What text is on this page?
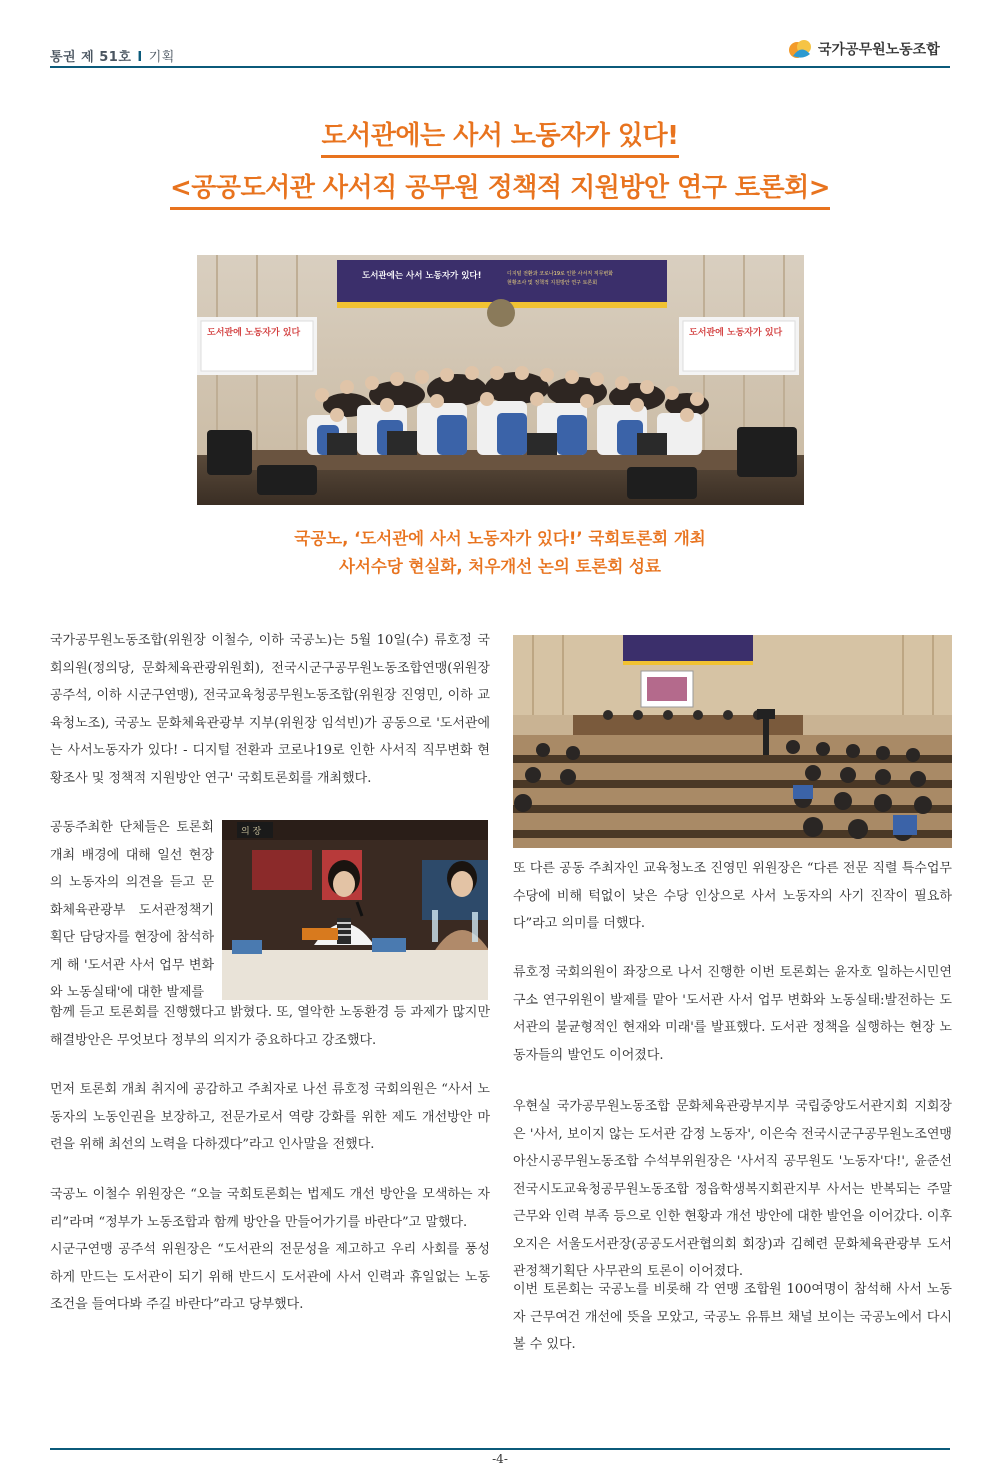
통권 제 51호 I 기획	국가공무원노동조합
도서관에는 사서 노동자가 있다!
<공공도서관 사서직 공무원 정책적 지원방안 연구 토론회>
도서관에는 사서 노동자가 있다!	디지털 전환과 코로나19로 인한 사서직 직무변화
현황조사 및 정책적 지원방안 연구 토론회
도서관에 노동자가 있다	도서관에 노동자가 있다
국공노, ‘도서관에 사서 노동자가 있다!’ 국회토론회 개최
사서수당 현실화, 처우개선 논의 토론회 성료
국가공무원노동조합(위원장 이철수, 이하 국공노)는 5월 10일(수) 류호정 국회의원(정의당, 문화체육관광위원회), 전국시군구공무원노동조합연맹(위원장 공주석, 이하 시군구연맹), 전국교육청공무원노동조합(위원장 진영민, 이하 교육청노조), 국공노 문화체육관광부 지부(위원장 임석빈)가 공동으로 '도서관에는 사서노동자가 있다! - 디지털 전환과 코로나19로 인한 사서직 직무변화 현황조사 및 정책적 지원방안 연구' 국회토론회를 개최했다.
공동주최한 단체들은 토론회 개최 배경에 대해 일선 현장의 노동자의 의견을 듣고 문화체육관광부 도서관정책기획단 담당자를 현장에 참석하게 해 '도서관 사서 업무 변화와 노동실태'에 대한 발제를
의 장
함께 듣고 토론회를 진행했다고 밝혔다. 또, 열악한 노동환경 등 과제가 많지만 해결방안은 무엇보다 정부의 의지가 중요하다고 강조했다.
먼저 토론회 개최 취지에 공감하고 주최자로 나선 류호정 국회의원은 “사서 노동자의 노동인권을 보장하고, 전문가로서 역량 강화를 위한 제도 개선방안 마련을 위해 최선의 노력을 다하겠다”라고 인사말을 전했다.
국공노 이철수 위원장은 “오늘 국회토론회는 법제도 개선 방안을 모색하는 자리”라며 “정부가 노동조합과 함께 방안을 만들어가기를 바란다”고 말했다.
시군구연맹 공주석 위원장은 “도서관의 전문성을 제고하고 우리 사회를 풍성하게 만드는 도서관이 되기 위해 반드시 도서관에 사서 인력과 휴일없는 노동 조건을 들여다봐 주길 바란다”라고 당부했다.
또 다른 공동 주최자인 교육청노조 진영민 위원장은 “다른 전문 직렬 특수업무수당에 비해 턱없이 낮은 수당 인상으로 사서 노동자의 사기 진작이 필요하다”라고 의미를 더했다.
류호정 국회의원이 좌장으로 나서 진행한 이번 토론회는 윤자호 일하는시민연구소 연구위원이 발제를 맡아 '도서관 사서 업무 변화와 노동실태:발전하는 도서관의 불균형적인 현재와 미래'를 발표했다. 도서관 정책을 실행하는 현장 노동자들의 발언도 이어졌다.
우현실 국가공무원노동조합 문화체육관광부지부 국립중앙도서관지회 지회장은 '사서, 보이지 않는 도서관 감정 노동자', 이은숙 전국시군구공무원노조연맹 아산시공무원노동조합 수석부위원장은 '사서직 공무원도 '노동자'다!', 윤준선 전국시도교육청공무원노동조합 정읍학생복지회관지부 사서는 반복되는 주말 근무와 인력 부족 등으로 인한 현황과 개선 방안에 대한 발언을 이어갔다. 이후 오지은 서울도서관장(공공도서관협의회 회장)과 김혜련 문화체육관광부 도서관정책기획단 사무관의 토론이 이어졌다.
이번 토론회는 국공노를 비롯해 각 연맹 조합원 100여명이 참석해 사서 노동자 근무여건 개선에 뜻을 모았고, 국공노 유튜브 채널 보이는 국공노에서 다시 볼 수 있다.
-4-
